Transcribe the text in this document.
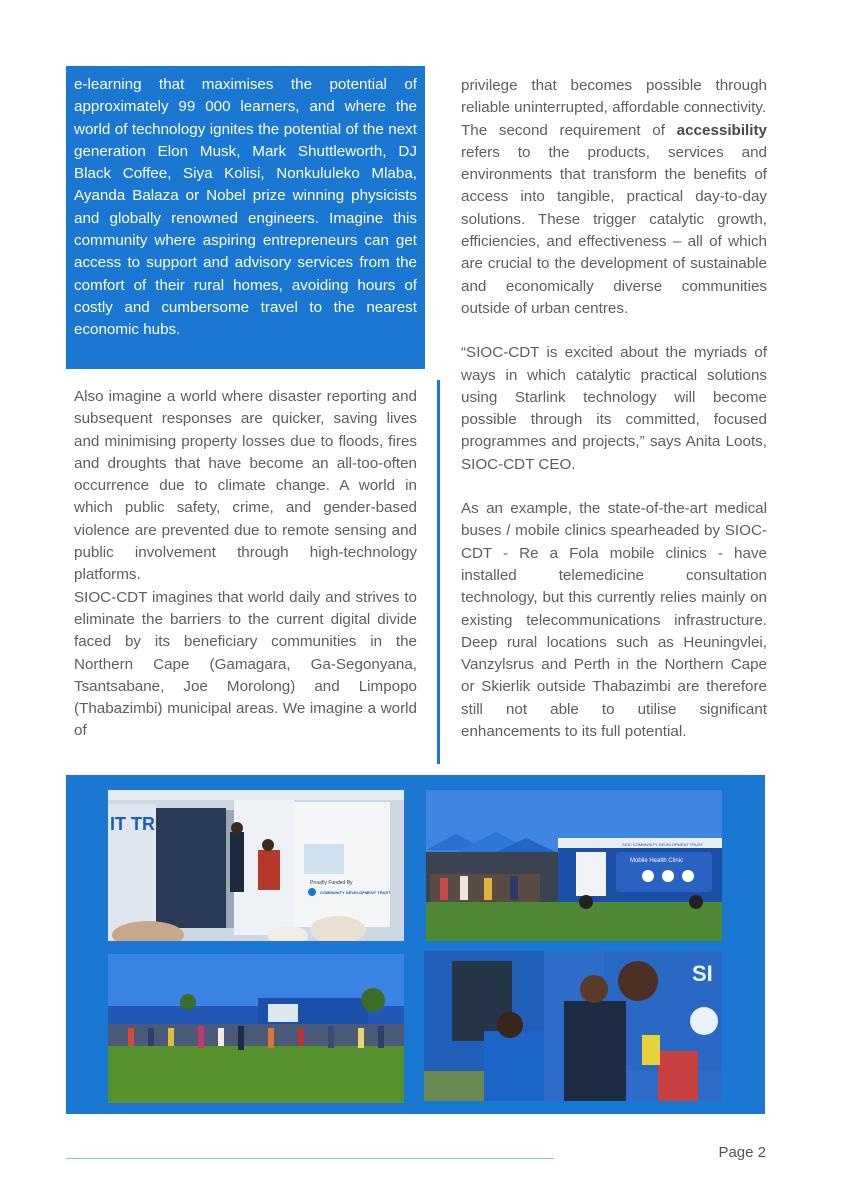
e-learning that maximises the potential of approximately 99 000 learners, and where the world of technology ignites the potential of the next generation Elon Musk, Mark Shuttleworth, DJ Black Coffee, Siya Kolisi, Nonkululeko Mlaba, Ayanda Balaza or Nobel prize winning physicists and globally renowned engineers. Imagine this community where aspiring entrepreneurs can get access to support and advisory services from the comfort of their rural homes, avoiding hours of costly and cumbersome travel to the nearest economic hubs.

Also imagine a world where disaster reporting and subsequent responses are quicker, saving lives and minimising property losses due to floods, fires and droughts that have become an all-too-often occurrence due to climate change. A world in which public safety, crime, and gender-based violence are prevented due to remote sensing and public involvement through high-technology platforms.

SIOC-CDT imagines that world daily and strives to eliminate the barriers to the current digital divide faced by its beneficiary communities in the Northern Cape (Gamagara, Ga-Segonyana, Tsantsabane, Joe Morolong) and Limpopo (Thabazimbi) municipal areas. We imagine a world of

privilege that becomes possible through reliable uninterrupted, affordable connectivity.

The second requirement of accessibility refers to the products, services and environments that transform the benefits of access into tangible, practical day-to-day solutions. These trigger catalytic growth, efficiencies, and effectiveness – all of which are crucial to the development of sustainable and economically diverse communities outside of urban centres.

“SIOC-CDT is excited about the myriads of ways in which catalytic practical solutions using Starlink technology will become possible through its committed, focused programmes and projects,” says Anita Loots, SIOC-CDT CEO.

As an example, the state-of-the-art medical buses / mobile clinics spearheaded by SIOC-CDT - Re a Fola mobile clinics - have installed telemedicine consultation technology, but this currently relies mainly on existing telecommunications infrastructure. Deep rural locations such as Heuningvlei, Vanzylsrus and Perth in the Northern Cape or Skierlik outside Thabazimbi are therefore still not able to utilise significant enhancements to its full potential.

IT TR
Proudly Funded By
COMMUNITY DEVELOPMENT TRUST
SIOC COMMUNITY DEVELOPMENT TRUST
Mobile Health Clinic
SI
Page 2
